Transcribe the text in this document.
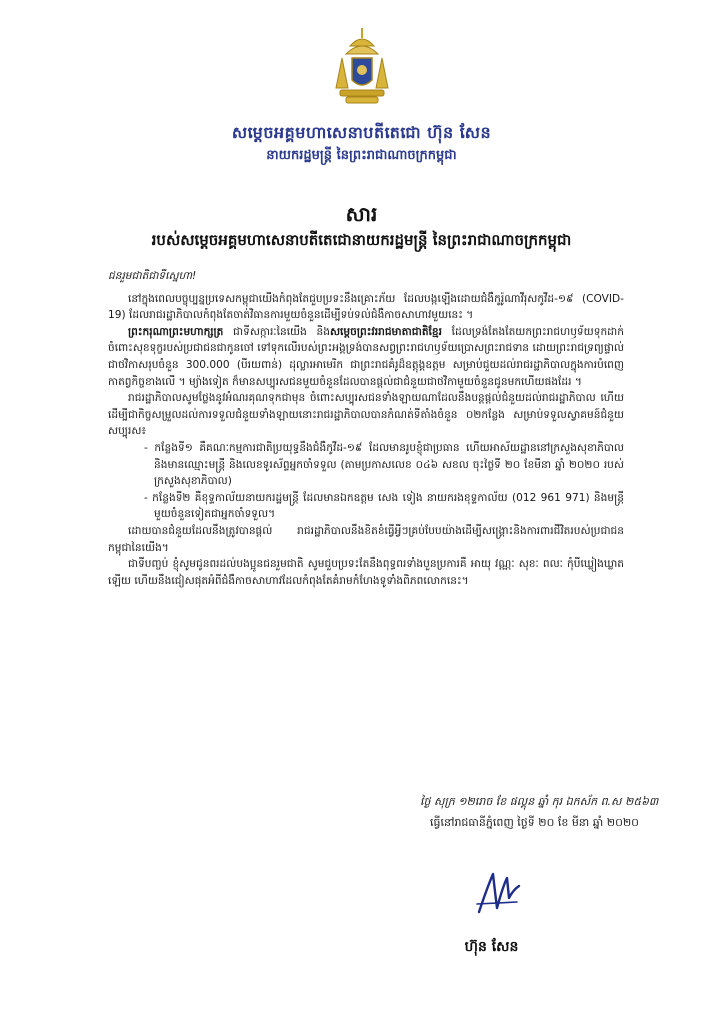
សម្តេចអគ្គមហាសេនាបតីតេជោ ហ៊ុន សែន
នាយករដ្ឋមន្ត្រី នៃព្រះរាជាណាចក្រកម្ពុជា
សារ
របស់សម្តេចអគ្គមហាសេនាបតីតេជោនាយករដ្ឋមន្ត្រី នៃព្រះរាជាណាចក្រកម្ពុជា

ជនរួមជាតិជាទីស្នេហា!

នៅក្នុងពេលបច្ចុប្បន្នប្រទេសកម្ពុជាយើងកំពុងតែជួបប្រទះនឹងគ្រោះភ័យ ដែលបង្កឡើងដោយជំងឺកូរ៉ូណាវីរុសកូវីដ-១៩ (COVID-19) ដែលរាជរដ្ឋាភិបាលកំពុងតែចាត់វិធានការមួយចំនួនដើម្បីទប់ទល់ជំងឺកាចសាហាវមួយនេះ ។

ព្រះករុណាព្រះមហាក្សត្រ ជាទីសក្ការៈនៃយើង និងសម្តេចព្រះវររាជមាតាជាតិខ្មែរ ដែលទ្រង់តែងតែយកព្រះរាជហឫទ័យទុកដាក់ចំពោះសុខទុក្ខរបស់ប្រជាជនជាកូនចៅ ទៅទុកលើរបស់ព្រះអង្គទ្រង់បានសព្វព្រះរាជហឫទ័យប្រោសព្រះរាជទាន ដោយព្រះរាជទ្រព្យផ្ទាល់ជាថវិកាសរុបចំនួន 300.000 (បីរយពាន់) ដុល្លារអាមេរិក ជាព្រះរាជគំរូដ៏ឧត្តុង្គឧត្តម សម្រាប់ជួយដល់រាជរដ្ឋាភិបាលក្នុងការបំពេញកាតព្វកិច្ចខាងលើ ។ ម្យ៉ាងទៀត ក៏មានសប្បុរសជនមួយចំនួនដែលបានផ្តល់ជាជំនួយជាថវិកាមួយចំនួនជូនមកហើយផងដែរ ។

រាជរដ្ឋាភិបាលសូមថ្លែងនូវអំណរគុណទុកជាមុន ចំពោះសប្បុរសជនទាំងឡាយណាដែលនឹងបន្តផ្តល់ជំនួយដល់រាជរដ្ឋាភិបាល ហើយដើម្បីជាកិច្ចសម្រួលដល់ការទទួលជំនួយទាំងឡាយនោះរាជរដ្ឋាភិបាលបានកំណត់ទីតាំងចំនួន ០២កន្លែង សម្រាប់ទទួលស្វាគមន៍ជំនួយសប្បុរស៖

- កន្លែងទី១ គឺគណៈកម្មការជាតិប្រយុទ្ធនឹងជំងឺកូវីដ-១៩ ដែលមានរូបខ្ញុំជាប្រធាន ហើយអាស័យដ្ឋាននៅក្រសួងសុខាភិបាលនិងមានឈ្មោះមន្ត្រី និងលេខទូរស័ព្ទអ្នកចាំទទួល (តាមប្រកាសលេខ ០៤៦ សខល ចុះថ្ងៃទី ២០ ខែមីនា ឆ្នាំ ២០២០ របស់ក្រសួងសុខាភិបាល)

- កន្លែងទី២ គឺខុទ្ទកាល័យនាយករដ្ឋមន្ត្រី ដែលមានឯកឧត្តម សេង ទៀង នាយករងខុទ្ទកាល័យ (012 961 971) និងមន្ត្រីមួយចំនួនទៀតជាអ្នកចាំទទួល។

ដោយបានជំនួយដែលនឹងត្រូវបានផ្តល់ រាជរដ្ឋាភិបាលនឹងខិតខំធ្វើអ្វីៗគ្រប់បែបយ៉ាងដើម្បីសង្គ្រោះនិងការពារជីវិតរបស់ប្រជាជនកម្ពុជានៃយើង។

ជាទីបញ្ចប់ ខ្ញុំសូមជូនពរដល់បងប្អូនជនរួមជាតិ សូមជួបប្រទះតែនឹងពុទ្ធពរទាំងបួនប្រការគឺ អាយុ វណ្ណៈ សុខៈ ពលៈ កុំបីឃ្លៀងឃ្លាតឡើយ ហើយនឹងជៀសផុតអំពីជំងឺកាចសាហាវដែលកំពុងតែគំរាមកំហែងទូទាំងពិភពលោកនេះ។

ថ្ងៃ សុក្រ ១២រោច ខែ ផល្គុន ឆ្នាំ កុរ ឯកស័ក ព.ស ២៥៦៣
ធ្វើនៅរាជធានីភ្នំពេញ ថ្ងៃទី ២០ ខែ មីនា ឆ្នាំ ២០២០
ហ៊ុន សែន
